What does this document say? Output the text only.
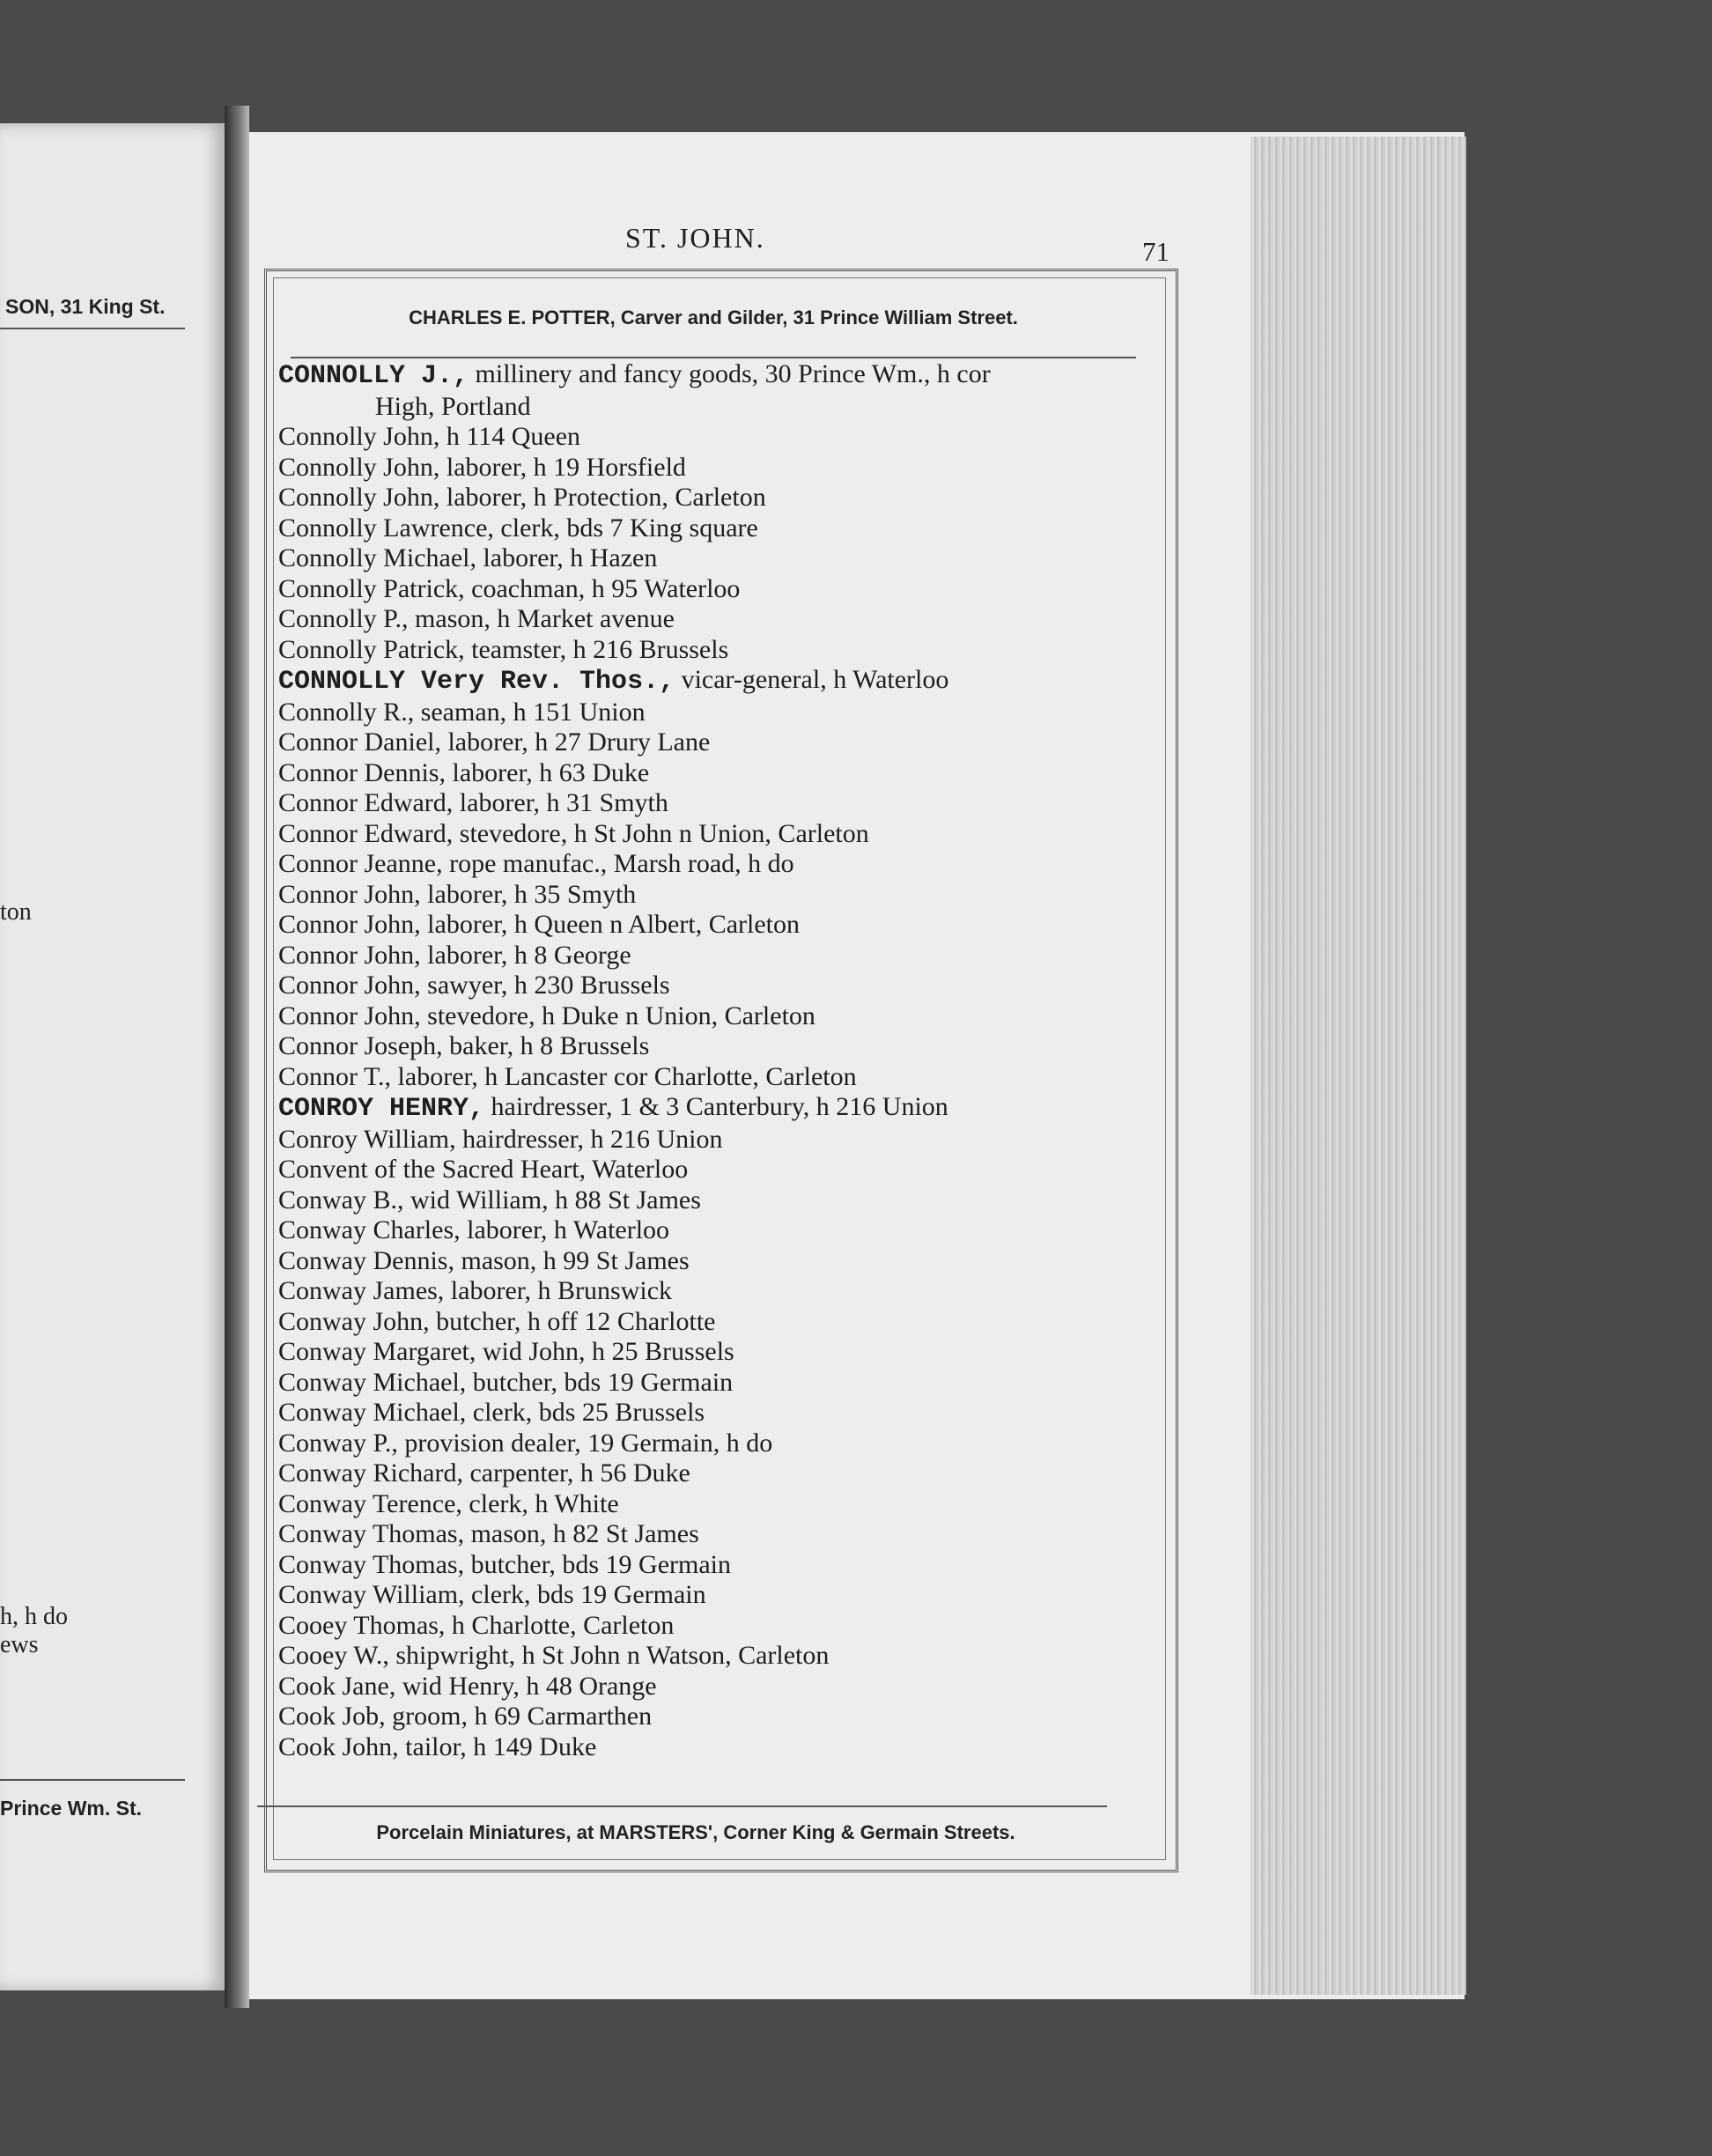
SON, 31 King St.
ton
h, h do
ews
Prince Wm. St.
ST. JOHN.	71
CHARLES E. POTTER, Carver and Gilder, 31 Prince William Street.
CONNOLLY J., millinery and fancy goods, 30 Prince Wm., h cor
High, Portland
Connolly John, h 114 Queen
Connolly John, laborer, h 19 Horsfield
Connolly John, laborer, h Protection, Carleton
Connolly Lawrence, clerk, bds 7 King square
Connolly Michael, laborer, h Hazen
Connolly Patrick, coachman, h 95 Waterloo
Connolly P., mason, h Market avenue
Connolly Patrick, teamster, h 216 Brussels
CONNOLLY Very Rev. Thos., vicar-general, h Waterloo
Connolly R., seaman, h 151 Union
Connor Daniel, laborer, h 27 Drury Lane
Connor Dennis, laborer, h 63 Duke
Connor Edward, laborer, h 31 Smyth
Connor Edward, stevedore, h St John n Union, Carleton
Connor Jeanne, rope manufac., Marsh road, h do
Connor John, laborer, h 35 Smyth
Connor John, laborer, h Queen n Albert, Carleton
Connor John, laborer, h 8 George
Connor John, sawyer, h 230 Brussels
Connor John, stevedore, h Duke n Union, Carleton
Connor Joseph, baker, h 8 Brussels
Connor T., laborer, h Lancaster cor Charlotte, Carleton
CONROY HENRY, hairdresser, 1 & 3 Canterbury, h 216 Union
Conroy William, hairdresser, h 216 Union
Convent of the Sacred Heart, Waterloo
Conway B., wid William, h 88 St James
Conway Charles, laborer, h Waterloo
Conway Dennis, mason, h 99 St James
Conway James, laborer, h Brunswick
Conway John, butcher, h off 12 Charlotte
Conway Margaret, wid John, h 25 Brussels
Conway Michael, butcher, bds 19 Germain
Conway Michael, clerk, bds 25 Brussels
Conway P., provision dealer, 19 Germain, h do
Conway Richard, carpenter, h 56 Duke
Conway Terence, clerk, h White
Conway Thomas, mason, h 82 St James
Conway Thomas, butcher, bds 19 Germain
Conway William, clerk, bds 19 Germain
Cooey Thomas, h Charlotte, Carleton
Cooey W., shipwright, h St John n Watson, Carleton
Cook Jane, wid Henry, h 48 Orange
Cook Job, groom, h 69 Carmarthen
Cook John, tailor, h 149 Duke
Porcelain Miniatures, at MARSTERS', Corner King & Germain Streets.
